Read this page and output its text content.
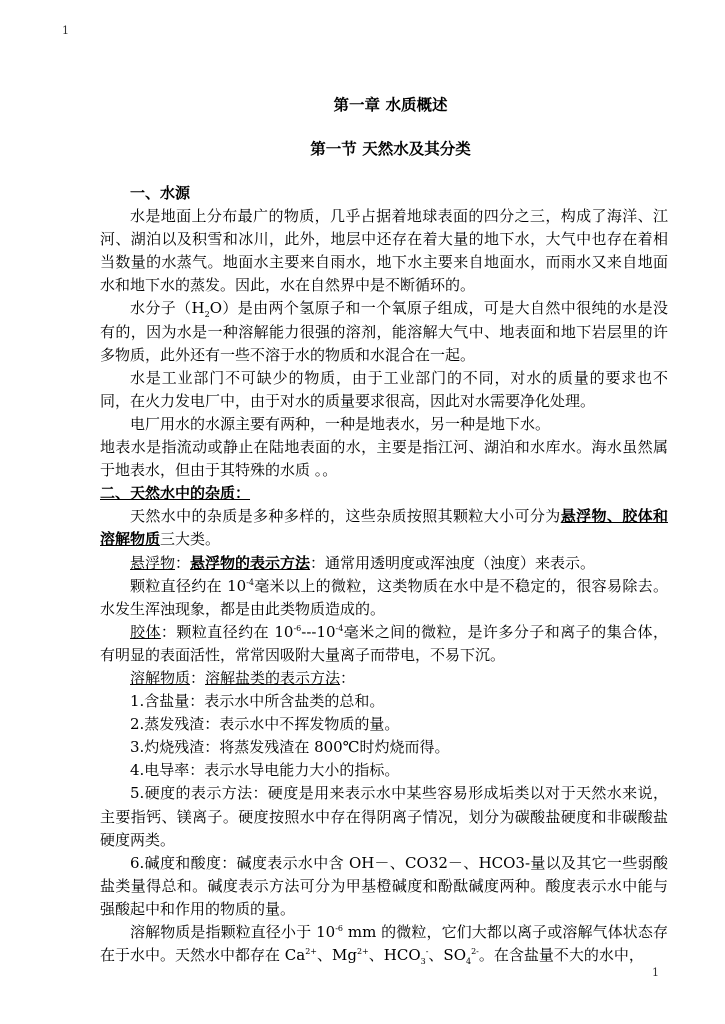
1
第一章 水质概述
第一节 天然水及其分类

一、水源

水是地面上分布最广的物质，几乎占据着地球表面的四分之三，构成了海洋、江河、湖泊以及积雪和冰川，此外，地层中还存在着大量的地下水，大气中也存在着相当数量的水蒸气。地面水主要来自雨水，地下水主要来自地面水，而雨水又来自地面水和地下水的蒸发。因此，水在自然界中是不断循环的。

水分子$(H_2O)$是由两个氢原子和一个氧原子组成，可是大自然中很纯的水是没有的，因为水是一种溶解能力很强的溶剂，能溶解大气中、地表面和地下岩层里的许多物质，此外还有一些不溶于水的物质和水混合在一起。

水是工业部门不可缺少的物质，由于工业部门的不同，对水的质量的要求也不同，在火力发电厂中，由于对水的质量要求很高，因此对水需要净化处理。

电厂用水的水源主要有两种，一种是地表水，另一种是地下水。

地表水是指流动或静止在陆地表面的水，主要是指江河、湖泊和水库水。海水虽然属于地表水，但由于其特殊的水质 。。

二、天然水中的杂质：

天然水中的杂质是多种多样的，这些杂质按照其颗粒大小可分为悬浮物、胶体和溶解物质三大类。

悬浮物：悬浮物的表示方法：通常用透明度或浑浊度（浊度）来表示。

颗粒直径约在 $10^{-4}$毫米以上的微粒，这类物质在水中是不稳定的，很容易除去。水发生浑浊现象，都是由此类物质造成的。

胶体：颗粒直径约在 $10^{-6}---10^{-4}$毫米之间的微粒，是许多分子和离子的集合体，有明显的表面活性，常常因吸附大量离子而带电，不易下沉。

溶解物质：溶解盐类的表示方法：

1.含盐量：表示水中所含盐类的总和。

2.蒸发残渣：表示水中不挥发物质的量。

3.灼烧残渣：将蒸发残渣在 800℃时灼烧而得。

4.电导率：表示水导电能力大小的指标。

5.硬度的表示方法：硬度是用来表示水中某些容易形成垢类以对于天然水来说，主要指钙、镁离子。硬度按照水中存在得阴离子情况，划分为碳酸盐硬度和非碳酸盐硬度两类。

6.碱度和酸度：碱度表示水中含 OH－、CO32－、HCO3-量以及其它一些弱酸盐类量得总和。碱度表示方法可分为甲基橙碱度和酚酞碱度两种。酸度表示水中能与强酸起中和作用的物质的量。

溶解物质是指颗粒直径小于 $10^{-6}$ mm 的微粒，它们大都以离子或溶解气体状态存在于水中。天然水中都存在 $Ca^{2+}$、$Mg^{2+}$、$HCO_3^-$、$SO_4^{2-}$。在含盐量不大的水中，

1
